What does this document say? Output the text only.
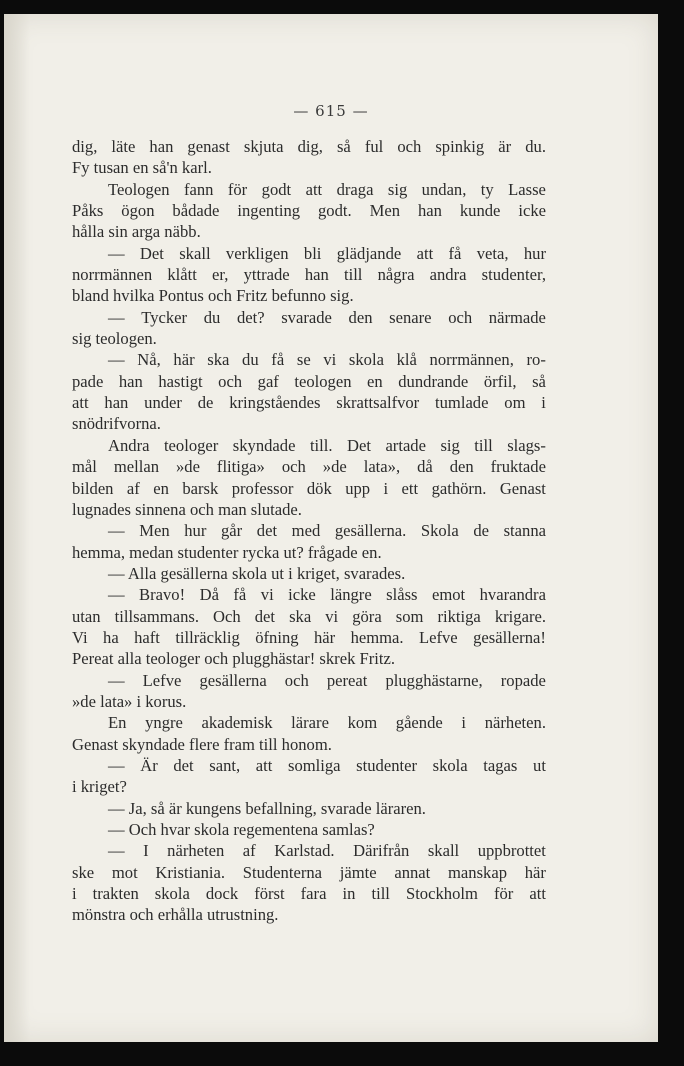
— 615 —
dig, läte han genast skjuta dig, så ful och spinkig är du.
Fy tusan en så'n karl.
Teologen fann för godt att draga sig undan, ty Lasse
Påks ögon bådade ingenting godt. Men han kunde icke
hålla sin arga näbb.
— Det skall verkligen bli glädjande att få veta, hur
norrmännen klått er, yttrade han till några andra studenter,
bland hvilka Pontus och Fritz befunno sig.
— Tycker du det? svarade den senare och närmade
sig teologen.
— Nå, här ska du få se vi skola klå norrmännen, ro-
pade han hastigt och gaf teologen en dundrande örfil, så
att han under de kringståendes skrattsalfvor tumlade om i
snödrifvorna.
Andra teologer skyndade till. Det artade sig till slags-
mål mellan »de flitiga» och »de lata», då den fruktade
bilden af en barsk professor dök upp i ett gathörn. Genast
lugnades sinnena och man slutade.
— Men hur går det med gesällerna. Skola de stanna
hemma, medan studenter rycka ut? frågade en.
— Alla gesällerna skola ut i kriget, svarades.
— Bravo! Då få vi icke längre slåss emot hvarandra
utan tillsammans. Och det ska vi göra som riktiga krigare.
Vi ha haft tillräcklig öfning här hemma. Lefve gesällerna!
Pereat alla teologer och plugghästar! skrek Fritz.
— Lefve gesällerna och pereat plugghästarne, ropade
»de lata» i korus.
En yngre akademisk lärare kom gående i närheten.
Genast skyndade flere fram till honom.
— Är det sant, att somliga studenter skola tagas ut
i kriget?
— Ja, så är kungens befallning, svarade läraren.
— Och hvar skola regementena samlas?
— I närheten af Karlstad. Därifrån skall uppbrottet
ske mot Kristiania. Studenterna jämte annat manskap här
i trakten skola dock först fara in till Stockholm för att
mönstra och erhålla utrustning.
